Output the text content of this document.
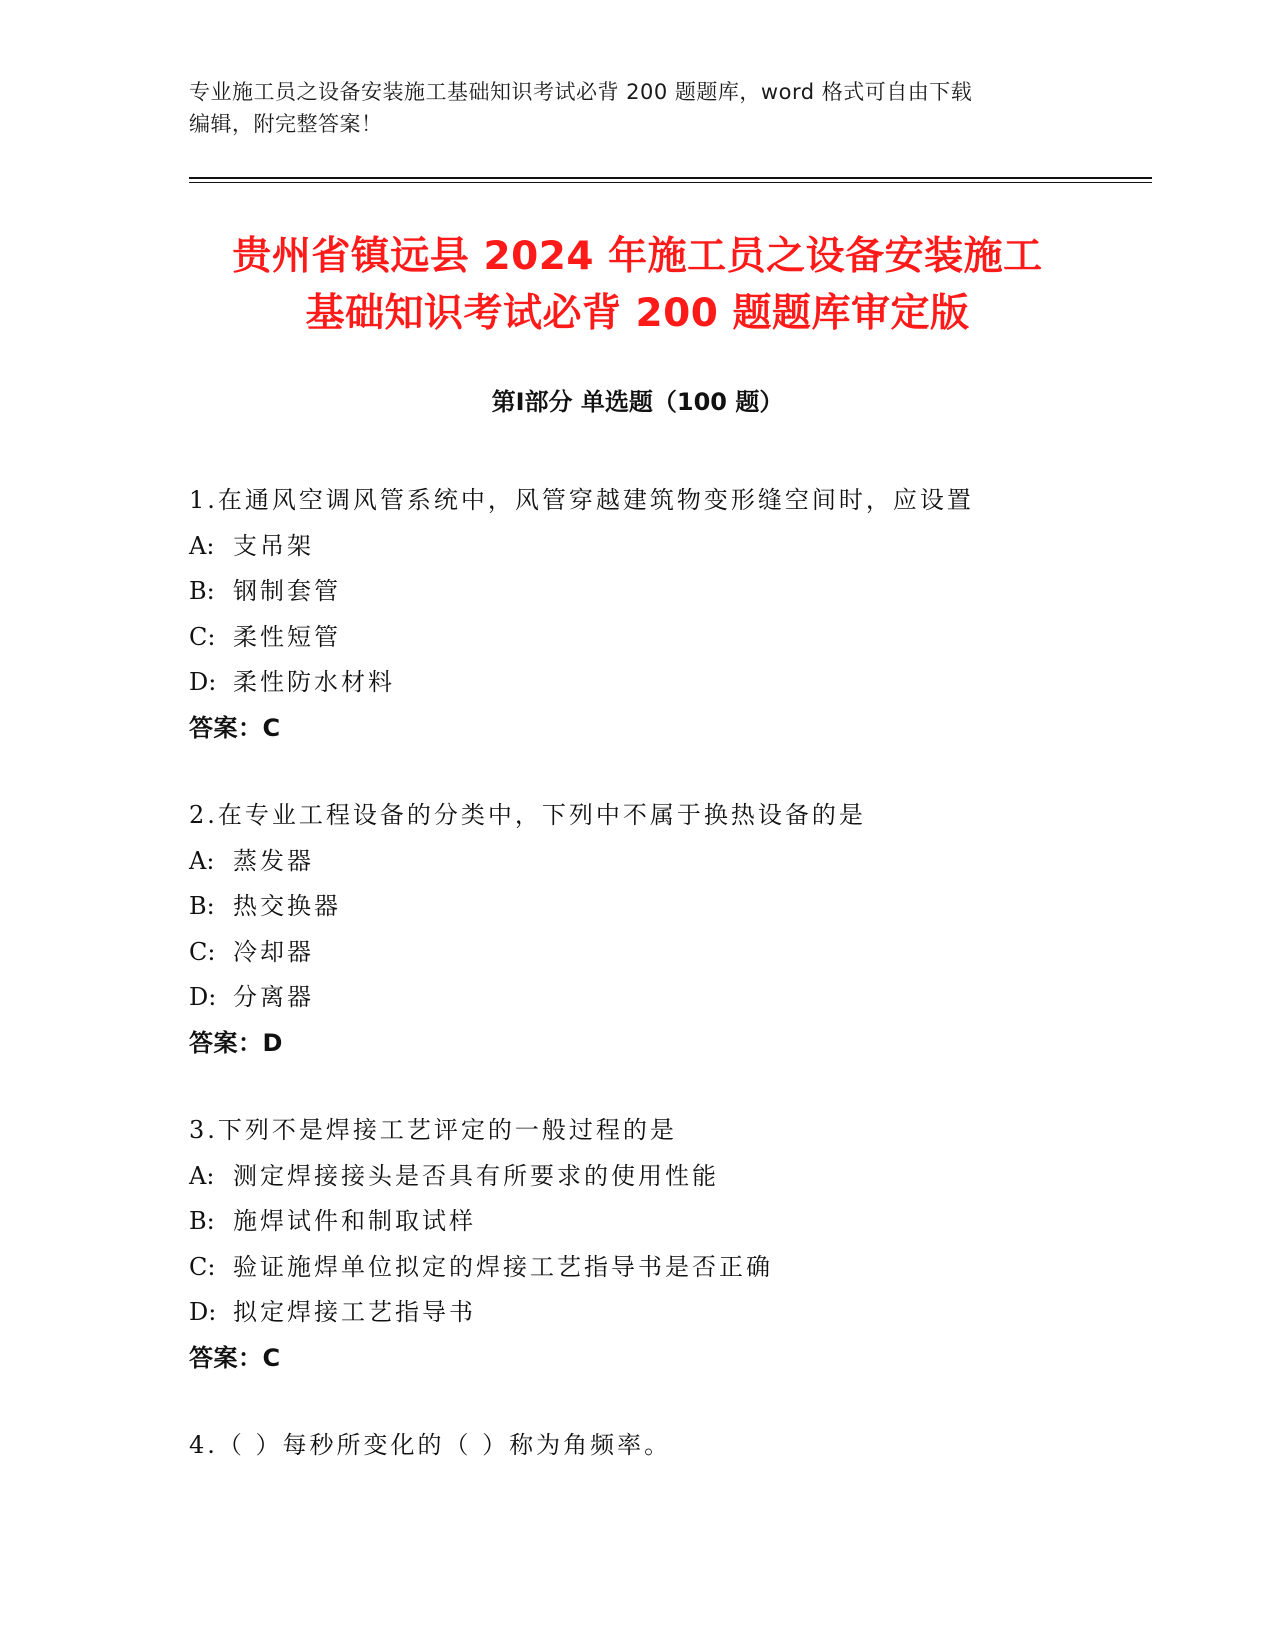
专业施工员之设备安装施工基础知识考试必背 200 题题库，word 格式可自由下载
编辑，附完整答案！
贵州省镇远县 2024 年施工员之设备安装施工
基础知识考试必背 200 题题库审定版
第Ⅰ部分 单选题（100 题）
1.在通风空调风管系统中，风管穿越建筑物变形缝空间时，应设置
A: 支吊架
B: 钢制套管
C: 柔性短管
D: 柔性防水材料
答案：C
2.在专业工程设备的分类中，下列中不属于换热设备的是
A: 蒸发器
B: 热交换器
C: 冷却器
D: 分离器
答案：D
3.下列不是焊接工艺评定的一般过程的是
A: 测定焊接接头是否具有所要求的使用性能
B: 施焊试件和制取试样
C: 验证施焊单位拟定的焊接工艺指导书是否正确
D: 拟定焊接工艺指导书
答案：C
4.（ ）每秒所变化的（ ）称为角频率。
